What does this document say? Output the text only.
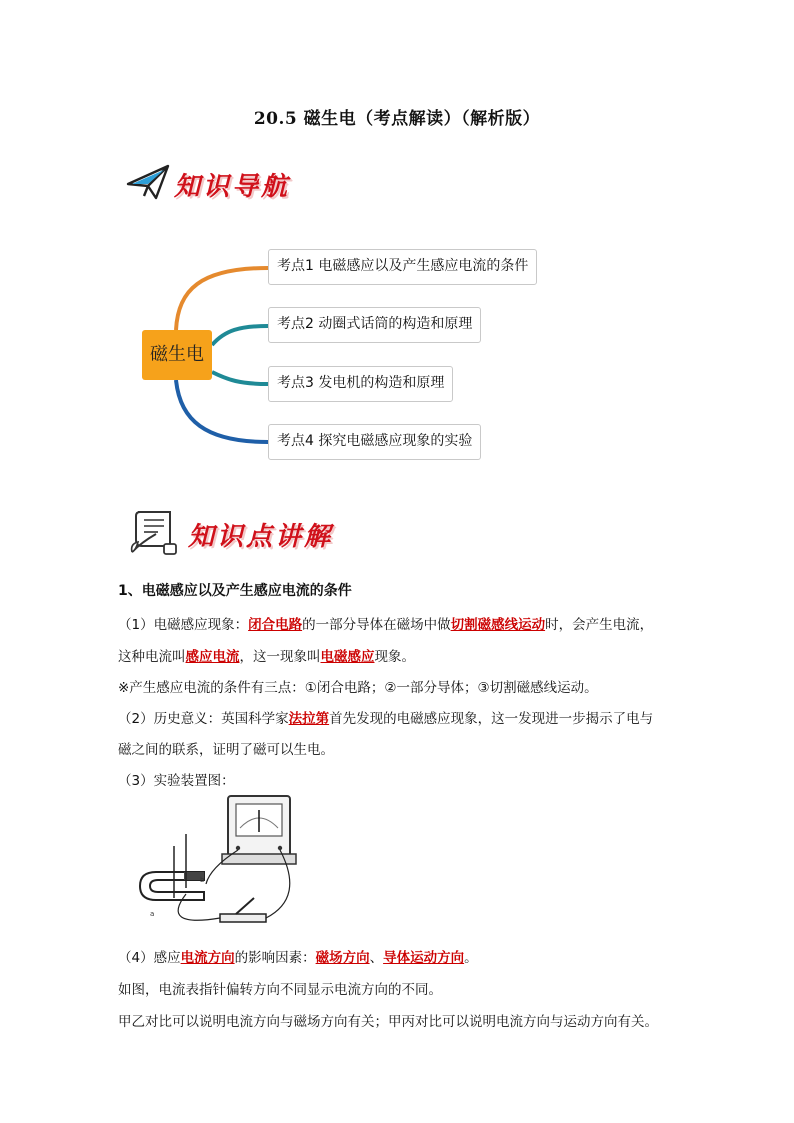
20.5 磁生电（考点解读）（解析版）
知识导航
磁生电
考点1 电磁感应以及产生感应电流的条件
考点2 动圈式话筒的构造和原理
考点3 发电机的构造和原理
考点4 探究电磁感应现象的实验
知识点讲解
1、电磁感应以及产生感应电流的条件
（1）电磁感应现象：闭合电路的一部分导体在磁场中做切割磁感线运动时，会产生电流，
这种电流叫感应电流，这一现象叫电磁感应现象。
※产生感应电流的条件有三点：①闭合电路；②一部分导体；③切割磁感线运动。
（2）历史意义：英国科学家法拉第首先发现的电磁感应现象，这一发现进一步揭示了电与
磁之间的联系，证明了磁可以生电。
（3）实验装置图：
a
b
（4）感应电流方向的影响因素：磁场方向、导体运动方向。
如图，电流表指针偏转方向不同显示电流方向的不同。
甲乙对比可以说明电流方向与磁场方向有关；甲丙对比可以说明电流方向与运动方向有关。
